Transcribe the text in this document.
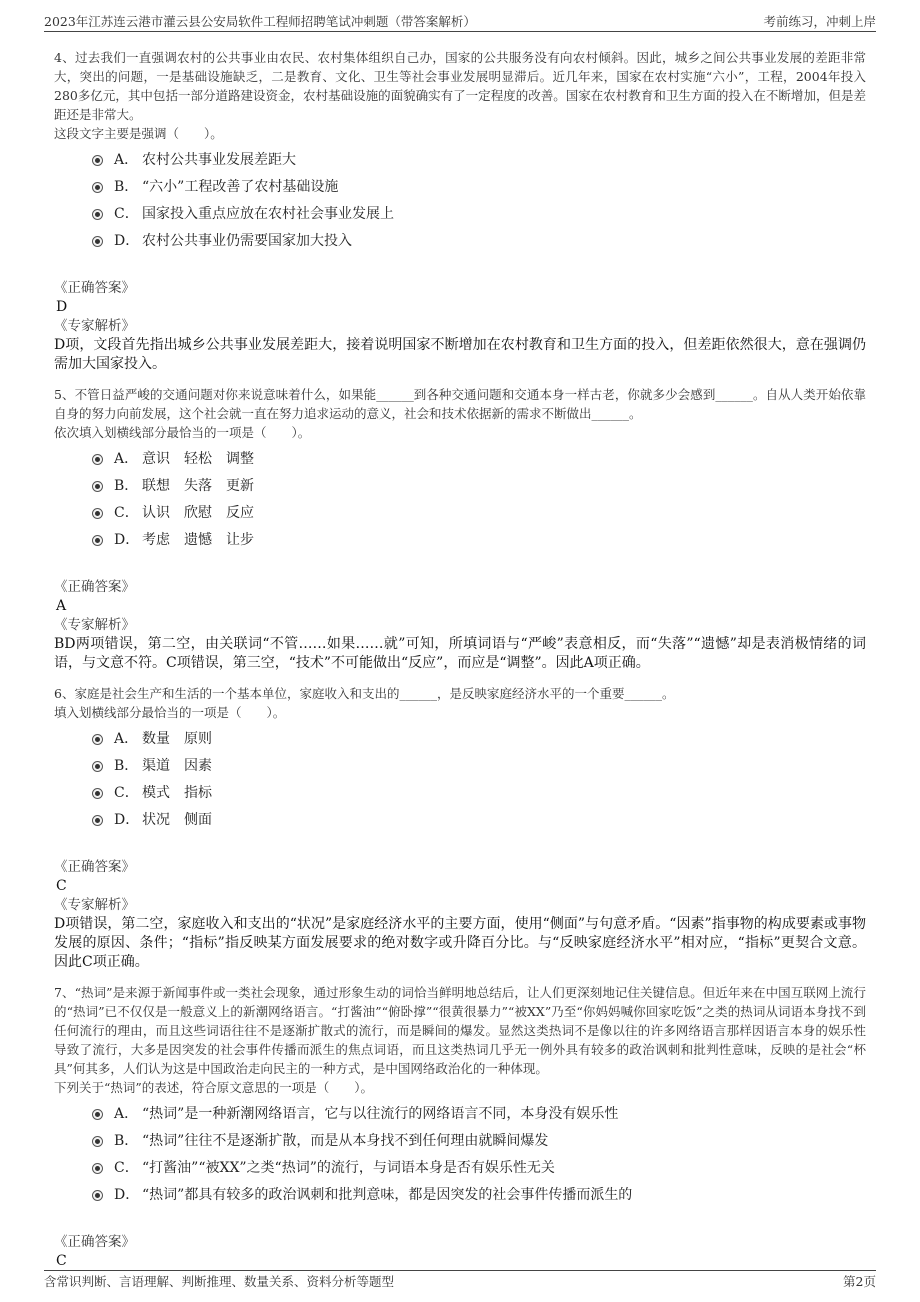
2023年江苏连云港市灌云县公安局软件工程师招聘笔试冲刺题（带答案解析）	考前练习，冲刺上岸

4、过去我们一直强调农村的公共事业由农民、农村集体组织自己办，国家的公共服务没有向农村倾斜。因此，城乡之间公共事业发展的差距非常大，突出的问题，一是基础设施缺乏，二是教育、文化、卫生等社会事业发展明显滞后。近几年来，国家在农村实施“六小”，工程，2004年投入280多亿元，其中包括一部分道路建设资金，农村基础设施的面貌确实有了一定程度的改善。国家在农村教育和卫生方面的投入在不断增加，但是差距还是非常大。

这段文字主要是强调（　　）。

A． 农村公共事业发展差距大
B． “六小”工程改善了农村基础设施
C． 国家投入重点应放在农村社会事业发展上
D． 农村公共事业仍需要国家加大投入

《正确答案》

D

《专家解析》

D项，文段首先指出城乡公共事业发展差距大，接着说明国家不断增加在农村教育和卫生方面的投入，但差距依然很大，意在强调仍需加大国家投入。

5、不管日益严峻的交通问题对你来说意味着什么，如果能______到各种交通问题和交通本身一样古老，你就多少会感到______。自从人类开始依靠自身的努力向前发展，这个社会就一直在努力追求运动的意义，社会和技术依据新的需求不断做出______。

依次填入划横线部分最恰当的一项是（　　）。

A． 意识　轻松　调整
B． 联想　失落　更新
C． 认识　欣慰　反应
D． 考虑　遗憾　让步

《正确答案》

A

《专家解析》

BD两项错误，第二空，由关联词“不管……如果……就”可知，所填词语与“严峻”表意相反，而“失落”“遗憾”却是表消极情绪的词语，与文意不符。C项错误，第三空，“技术”不可能做出“反应”，而应是“调整”。因此A项正确。

6、家庭是社会生产和生活的一个基本单位，家庭收入和支出的______，是反映家庭经济水平的一个重要______。

填入划横线部分最恰当的一项是（　　）。

A． 数量　原则
B． 渠道　因素
C． 模式　指标
D． 状况　侧面

《正确答案》

C

《专家解析》

D项错误，第二空，家庭收入和支出的“状况”是家庭经济水平的主要方面，使用“侧面”与句意矛盾。“因素”指事物的构成要素或事物发展的原因、条件；“指标”指反映某方面发展要求的绝对数字或升降百分比。与“反映家庭经济水平”相对应，“指标”更契合文意。因此C项正确。

7、“热词”是来源于新闻事件或一类社会现象，通过形象生动的词恰当鲜明地总结后，让人们更深刻地记住关键信息。但近年来在中国互联网上流行的“热词”已不仅仅是一般意义上的新潮网络语言。“打酱油”“俯卧撑”“很黄很暴力”“被XX”乃至“你妈妈喊你回家吃饭”之类的热词从词语本身找不到任何流行的理由，而且这些词语往往不是逐渐扩散式的流行，而是瞬间的爆发。显然这类热词不是像以往的许多网络语言那样因语言本身的娱乐性导致了流行，大多是因突发的社会事件传播而派生的焦点词语，而且这类热词几乎无一例外具有较多的政治讽刺和批判性意味，反映的是社会“杯具”何其多，人们认为这是中国政治走向民主的一种方式，是中国网络政治化的一种体现。

下列关于“热词”的表述，符合原文意思的一项是（　　）。

A． “热词”是一种新潮网络语言，它与以往流行的网络语言不同，本身没有娱乐性
B． “热词”往往不是逐渐扩散，而是从本身找不到任何理由就瞬间爆发
C． “打酱油”“被XX”之类“热词”的流行，与词语本身是否有娱乐性无关
D． “热词”都具有较多的政治讽刺和批判意味，都是因突发的社会事件传播而派生的

《正确答案》

C

含常识判断、言语理解、判断推理、数量关系、资料分析等题型	第2页
